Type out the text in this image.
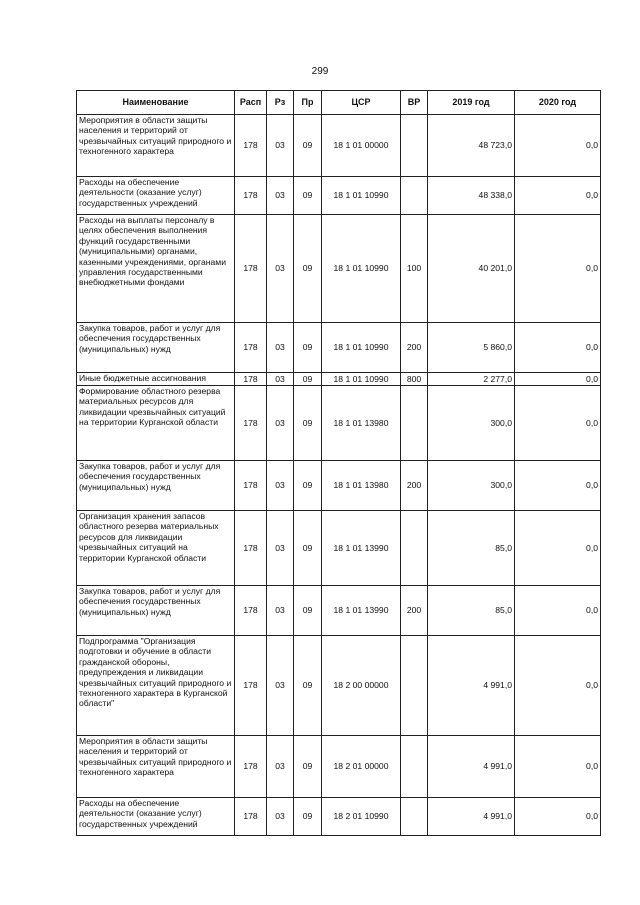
299
Наименование	Расп	Рз	Пр	ЦСР	ВР	2019 год	2020 год
Мероприятия в области защиты населения и территорий от чрезвычайных ситуаций природного и техногенного характера	178	03	09	18 1 01 00000		48 723,0	0,0
Расходы на обеспечение деятельности (оказание услуг) государственных учреждений	178	03	09	18 1 01 10990		48 338,0	0,0
Расходы на выплаты персоналу в целях обеспечения выполнения функций государственными (муниципальными) органами, казенными учреждениями, органами управления государственными внебюджетными фондами	178	03	09	18 1 01 10990	100	40 201,0	0,0
Закупка товаров, работ и услуг для обеспечения государственных (муниципальных) нужд	178	03	09	18 1 01 10990	200	5 860,0	0,0
Иные бюджетные ассигнования	178	03	09	18 1 01 10990	800	2 277,0	0,0
Формирование областного резерва материальных ресурсов для ликвидации чрезвычайных ситуаций на территории Курганской области	178	03	09	18 1 01 13980		300,0	0,0
Закупка товаров, работ и услуг для обеспечения государственных (муниципальных) нужд	178	03	09	18 1 01 13980	200	300,0	0,0
Организация хранения запасов областного резерва материальных ресурсов для ликвидации чрезвычайных ситуаций на территории Курганской области	178	03	09	18 1 01 13990		85,0	0,0
Закупка товаров, работ и услуг для обеспечения государственных (муниципальных) нужд	178	03	09	18 1 01 13990	200	85,0	0,0
Подпрограмма "Организация подготовки и обучение в области гражданской обороны, предупреждения и ликвидации чрезвычайных ситуаций природного и техногенного характера в Курганской области"	178	03	09	18 2 00 00000		4 991,0	0,0
Мероприятия в области защиты населения и территорий от чрезвычайных ситуаций природного и техногенного характера	178	03	09	18 2 01 00000		4 991,0	0,0
Расходы на обеспечение деятельности (оказание услуг) государственных учреждений	178	03	09	18 2 01 10990		4 991,0	0,0
